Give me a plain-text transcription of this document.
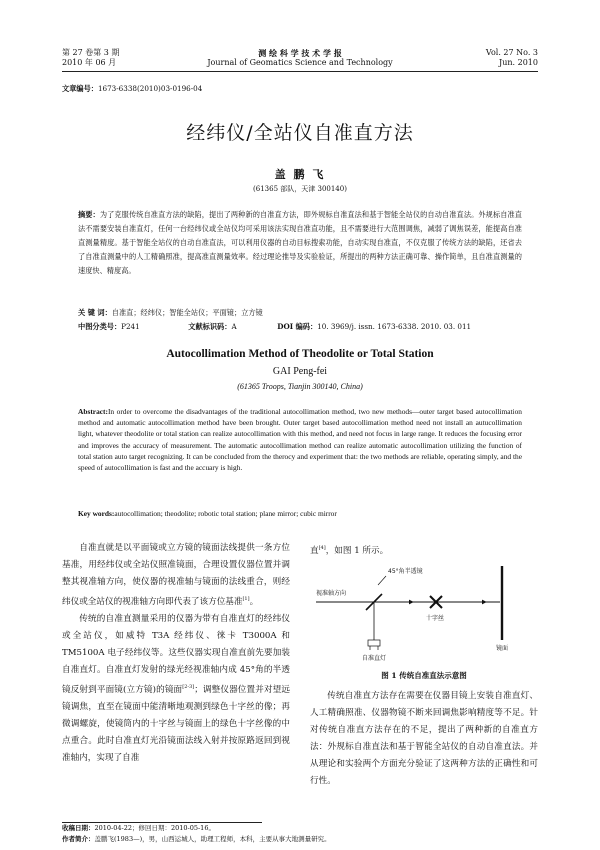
第 27 卷第 3 期
2010 年 06 月
测 绘 科 学 技 术 学 报
Journal of Geomatics Science and Technology
Vol. 27 No. 3
Jun. 2010
文章编号：1673-6338(2010)03-0196-04
经纬仪/全站仪自准直方法
盖 鹏 飞
(61365 部队，天津 300140)
摘要：为了克服传统自准直方法的缺陷，提出了两种新的自准直方法，即外规标自准直法和基于智能全站仪的自动自准直法。外规标自准直法不需要安装自准直灯，任何一台经纬仪或全站仪均可采用该法实现自准直功能，且不需要进行大范围调焦，减弱了调焦误差，能提高自准直测量精度。基于智能全站仪的自动自准直法，可以利用仪器的自动目标搜索功能，自动实现自准直，不仅克服了传统方法的缺陷，还省去了自准直测量中的人工精确照准，提高准直测量效率。经过理论推导及实验验证，所提出的两种方法正确可靠、操作简单，且自准直测量的速度快、精度高。
关 键 词：自准直；经纬仪；智能全站仪；平面镜；立方镜
中图分类号：P241	文献标识码：A	DOI 编码：10. 3969/j. issn. 1673-6338. 2010. 03. 011
Autocollimation Method of Theodolite or Total Station
GAI Peng-fei
(61365 Troops, Tianjin 300140, China)
Abstract:In order to overcome the disadvantages of the traditional autocollimation method, two new methods—outer target based autocollimation method and automatic autocollimation method have been brought. Outer target based autocollimation method need not install an autucollimation light, whatever theodolite or total station can realize autocollimation with this method, and need not focus in large range. It reduces the focusing error and improves the accuracy of measurement. The automatic autocollimation method can realize automatic autocollimation utilizing the function of total station auto target recognizing. It can be concluded from the therocy and experiment that: the two methods are reliable, operating simply, and the speed of autocollimation is fast and the accuary is high.
Key words:autocollimation; theodolite; robotic total station; plane mirror; cubic mirror
自准直就是以平面镜或立方镜的镜面法线提供一条方位基准，用经纬仪或全站仪照准镜面，合理设置仪器位置并调整其视准轴方向，使仪器的视准轴与镜面的法线重合，则经纬仪或全站仪的视准轴方向即代表了该方位基准[1]。
传统的自准直测量采用的仪器为带有自准直灯的经纬仪或全站仪，如威特 T3A 经纬仪、徕卡 T3000A 和 TM5100A 电子经纬仪等。这些仪器实现自准直前先要加装自准直灯。自准直灯发射的绿光经视准轴内成 45°角的半透镜反射到平面镜(立方镜)的镜面[2-3]；调整仪器位置并对望远镜调焦，直至在镜面中能清晰地观测到绿色十字丝的像；再微调螺旋，使镜筒内的十字丝与镜面上的绿色十字丝像的中点重合。此时自准直灯光沿镜面法线入射并按原路返回到视准轴内，实现了自准
直[4]，如图 1 所示。
45°角半透镜
视准轴方向
十字丝
镜面
自准直灯
图 1 传统自准直法示意图
传统自准直方法存在需要在仪器目镜上安装自准直灯、人工精确照准、仪器物镜不断来回调焦影响精度等不足。针对传统自准直方法存在的不足，提出了两种新的自准直方法：外规标自准直法和基于智能全站仪的自动自准直法。并从理论和实验两个方面充分验证了这两种方法的正确性和可行性。
收稿日期：2010-04-22；修回日期：2010-05-16。
作者简介：盖鹏飞(1983—)，男，山西运城人，助理工程师，本科，主要从事大地测量研究。
